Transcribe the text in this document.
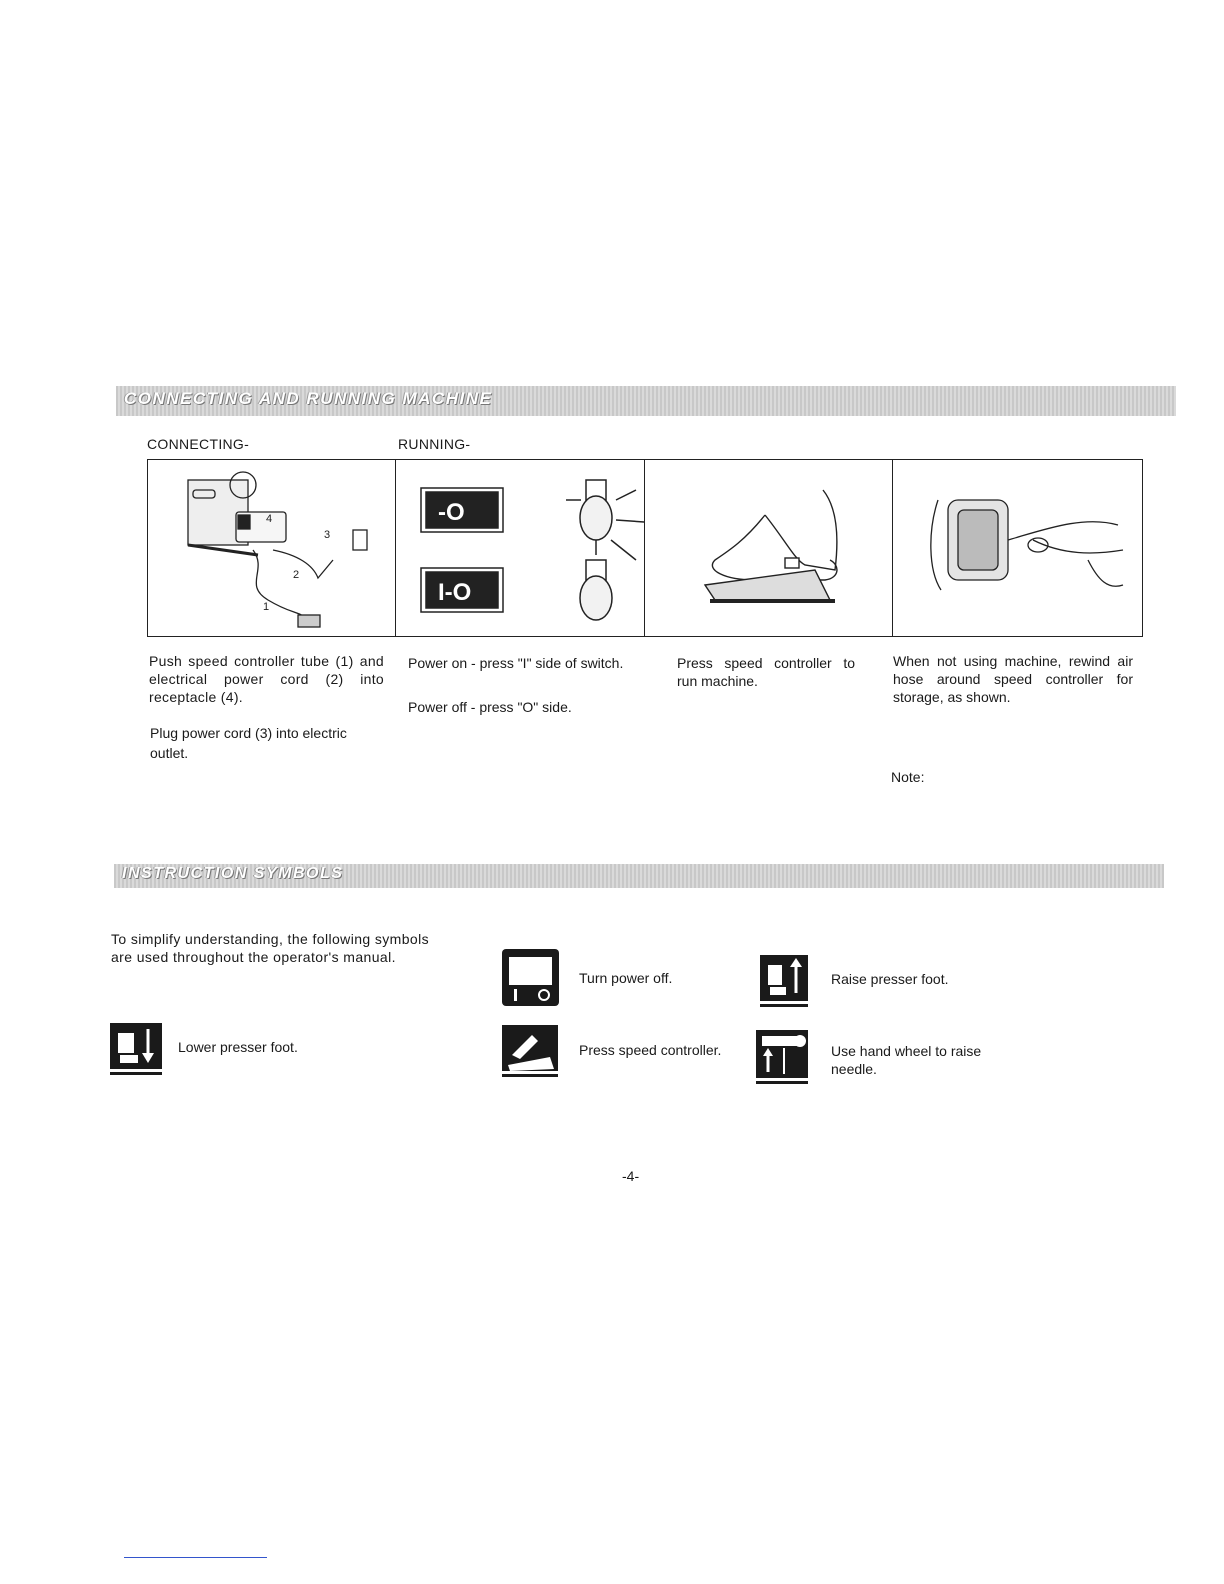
CONNECTING AND RUNNING MACHINE
CONNECTING-	RUNNING-
4
3
2
1
-O
I-O
Push speed controller tube (1) and electrical power cord (2) into receptacle (4).
Plug power cord (3) into electric outlet.
Power on - press "I" side of switch.
Power off - press "O" side.
Press speed controller to run machine.
When not using machine, rewind air hose around speed controller for storage, as shown.
Note:
INSTRUCTION SYMBOLS
To simplify understanding, the following symbols are used throughout the operator's manual.
Turn power off.	Raise presser foot.
Lower presser foot.	Press speed controller.	Use hand wheel to raise needle.
-4-
